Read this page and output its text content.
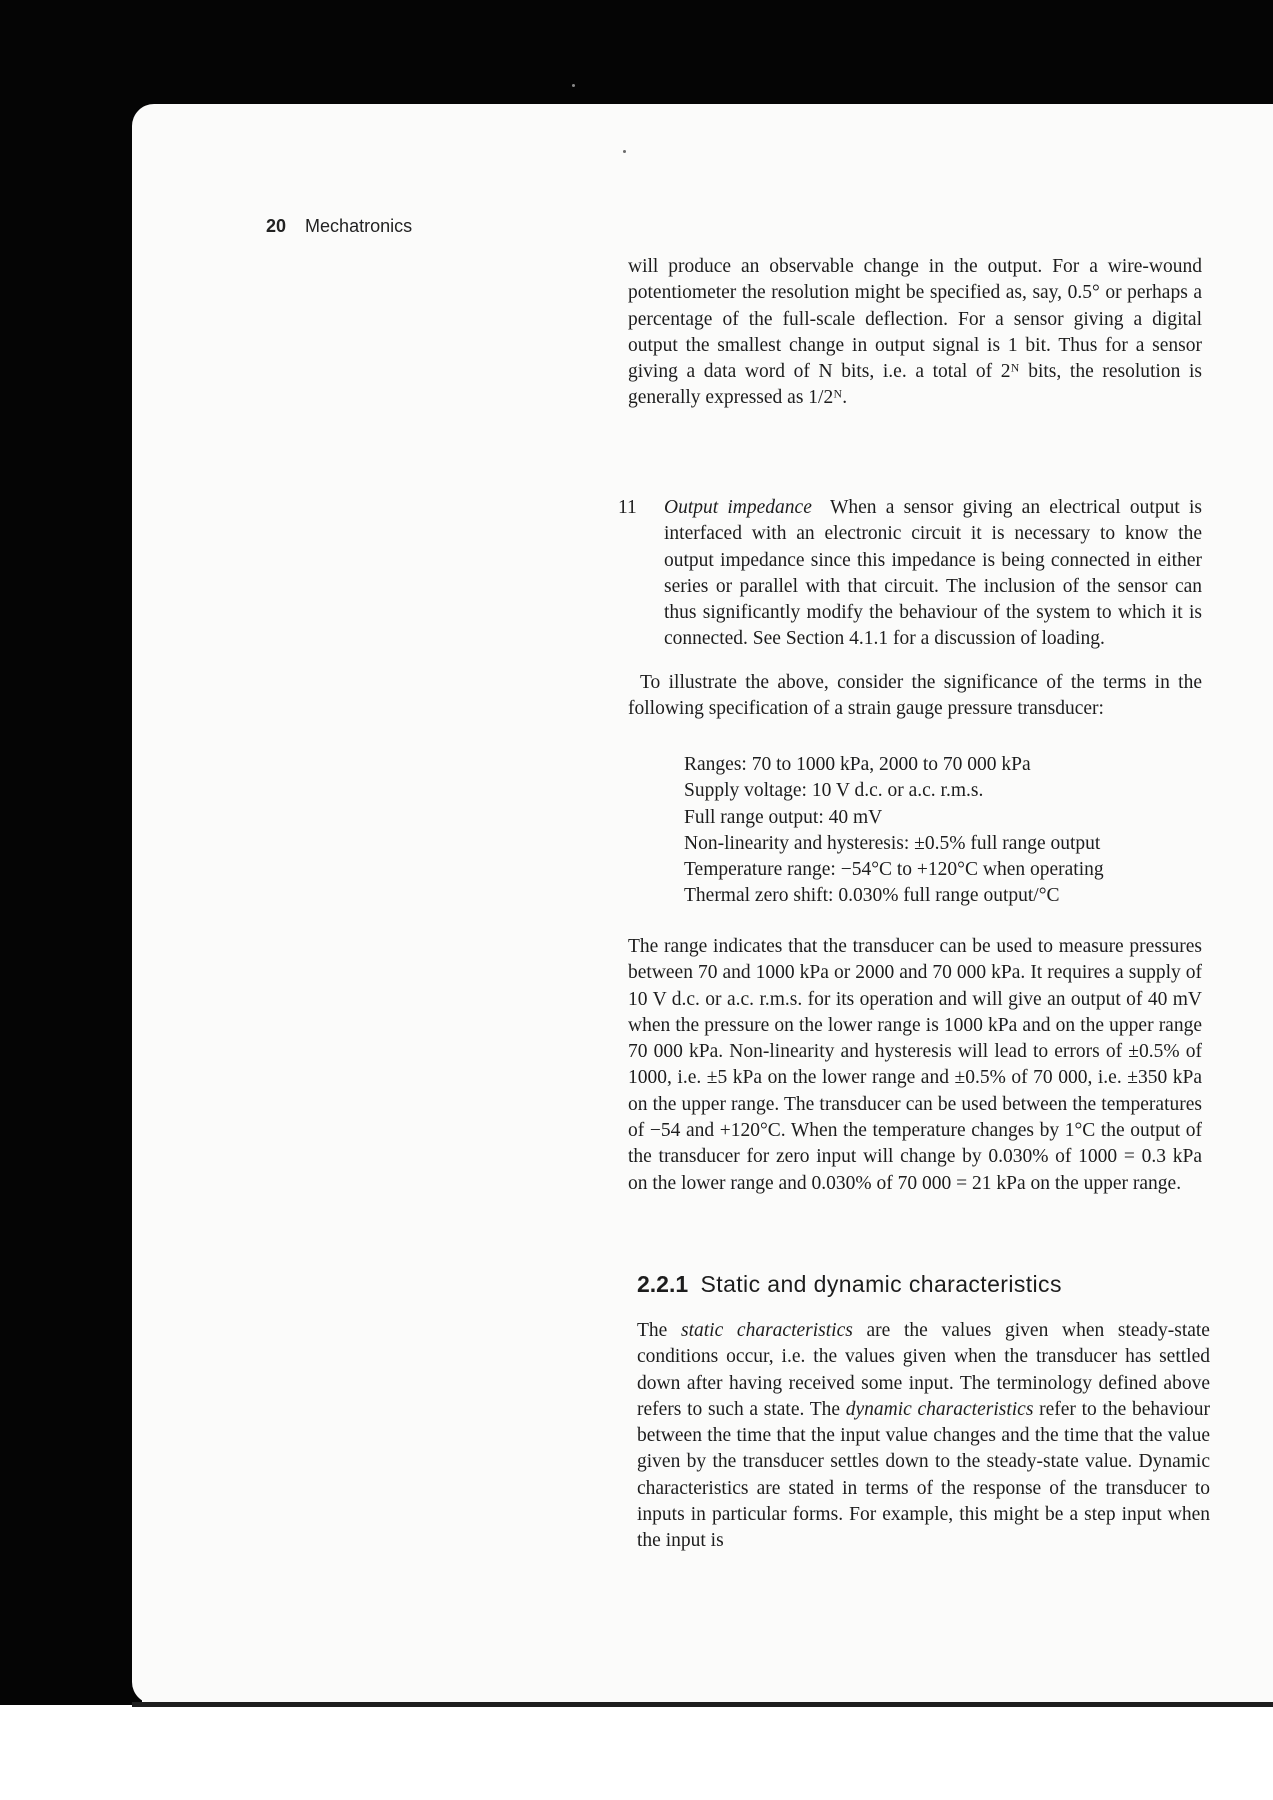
20 Mechatronics

will produce an observable change in the output. For a wire-wound potentiometer the resolution might be specified as, say, 0.5° or perhaps a percentage of the full-scale deflection. For a sensor giving a digital output the smallest change in output signal is 1 bit. Thus for a sensor giving a data word of N bits, i.e. a total of 2ᴺ bits, the resolution is generally expressed as 1/2ᴺ.

11 Output impedance When a sensor giving an electrical output is interfaced with an electronic circuit it is necessary to know the output impedance since this impedance is being connected in either series or parallel with that circuit. The inclusion of the sensor can thus significantly modify the behaviour of the system to which it is connected. See Section 4.1.1 for a discussion of loading.

To illustrate the above, consider the significance of the terms in the following specification of a strain gauge pressure transducer:

Ranges: 70 to 1000 kPa, 2000 to 70 000 kPa
Supply voltage: 10 V d.c. or a.c. r.m.s.
Full range output: 40 mV
Non-linearity and hysteresis: ±0.5% full range output
Temperature range: −54°C to +120°C when operating
Thermal zero shift: 0.030% full range output/°C

The range indicates that the transducer can be used to measure pressures between 70 and 1000 kPa or 2000 and 70 000 kPa. It requires a supply of 10 V d.c. or a.c. r.m.s. for its operation and will give an output of 40 mV when the pressure on the lower range is 1000 kPa and on the upper range 70 000 kPa. Non-linearity and hysteresis will lead to errors of ±0.5% of 1000, i.e. ±5 kPa on the lower range and ±0.5% of 70 000, i.e. ±350 kPa on the upper range. The transducer can be used between the temperatures of −54 and +120°C. When the temperature changes by 1°C the output of the transducer for zero input will change by 0.030% of 1000 = 0.3 kPa on the lower range and 0.030% of 70 000 = 21 kPa on the upper range.

2.2.1 Static and dynamic characteristics

The static characteristics are the values given when steady-state conditions occur, i.e. the values given when the transducer has settled down after having received some input. The terminology defined above refers to such a state. The dynamic characteristics refer to the behaviour between the time that the input value changes and the time that the value given by the transducer settles down to the steady-state value. Dynamic characteristics are stated in terms of the response of the transducer to inputs in particular forms. For example, this might be a step input when the input is
